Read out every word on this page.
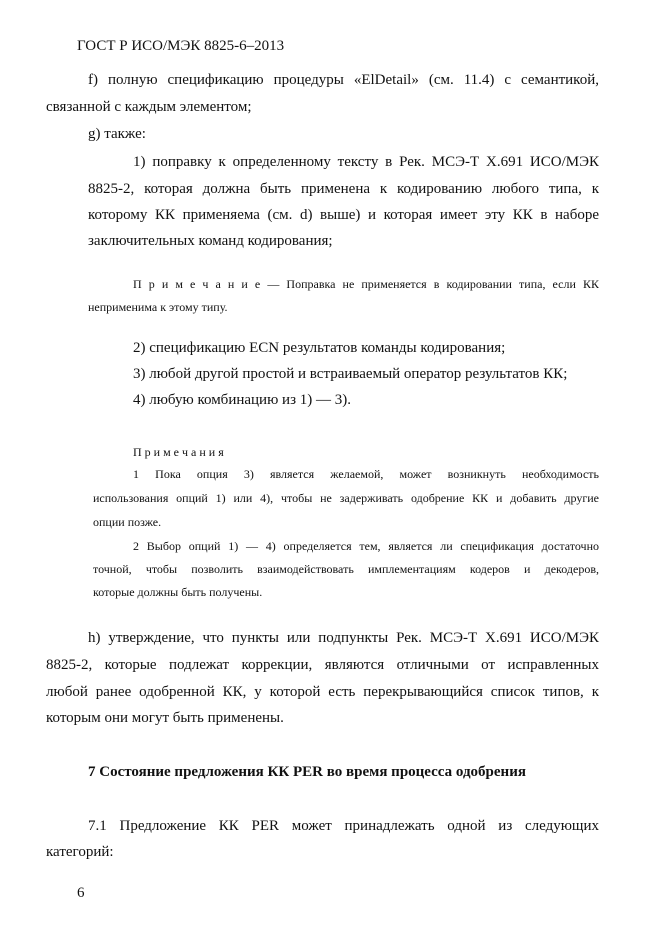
ГОСТ Р ИСО/МЭК 8825-6–2013
f) полную спецификацию процедуры «ElDetail» (см. 11.4) с семантикой,
связанной с каждым элементом;
g) также:
1) поправку к определенному тексту в Рек. МСЭ-Т Х.691 ИСО/МЭК
8825-2, которая должна быть применена к кодированию любого типа, к
которому КК применяема (см. d) выше) и которая имеет эту КК в наборе
заключительных команд кодирования;
П р и м е ч а н и е — Поправка не применяется в кодировании типа, если КК
неприменима к этому типу.
2) спецификацию ECN результатов команды кодирования;
3) любой другой простой и встраиваемый оператор результатов КК;
4) любую комбинацию из 1) — 3).
П р и м е ч а н и я
1 Пока опция 3) является желаемой, может возникнуть необходимость
использования опций 1) или 4), чтобы не задерживать одобрение КК и добавить другие
опции позже.
2 Выбор опций 1) — 4) определяется тем, является ли спецификация достаточно
точной, чтобы позволить взаимодействовать имплементациям кодеров и декодеров,
которые должны быть получены.
h) утверждение, что пункты или подпункты Рек. МСЭ-Т Х.691 ИСО/МЭК
8825-2, которые подлежат коррекции, являются отличными от исправленных
любой ранее одобренной КК, у которой есть перекрывающийся список типов, к
которым они могут быть применены.
7 Состояние предложения КК PER во время процесса одобрения
7.1 Предложение КК PER может принадлежать одной из следующих
категорий:
6
